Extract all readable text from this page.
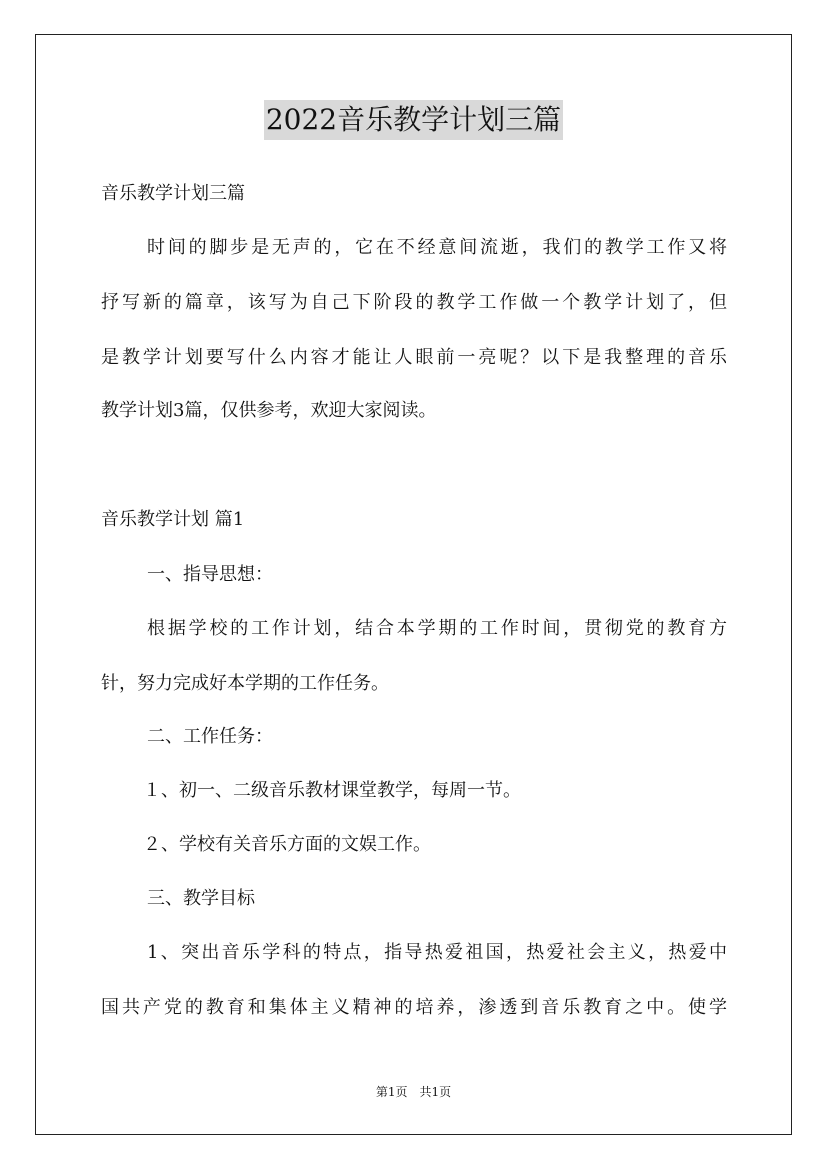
2022音乐教学计划三篇
音乐教学计划三篇
时间的脚步是无声的，它在不经意间流逝，我们的教学工作又将
抒写新的篇章，该写为自己下阶段的教学工作做一个教学计划了，但
是教学计划要写什么内容才能让人眼前一亮呢？以下是我整理的音乐
教学计划3篇，仅供参考，欢迎大家阅读。
音乐教学计划 篇1
一、指导思想：
根据学校的工作计划，结合本学期的工作时间，贯彻党的教育方
针，努力完成好本学期的工作任务。
二、工作任务：
１、初一、二级音乐教材课堂教学，每周一节。
２、学校有关音乐方面的文娱工作。
三、教学目标
1、突出音乐学科的特点，指导热爱祖国，热爱社会主义，热爱中
国共产党的教育和集体主义精神的培养，渗透到音乐教育之中。使学
第1页　共1页
